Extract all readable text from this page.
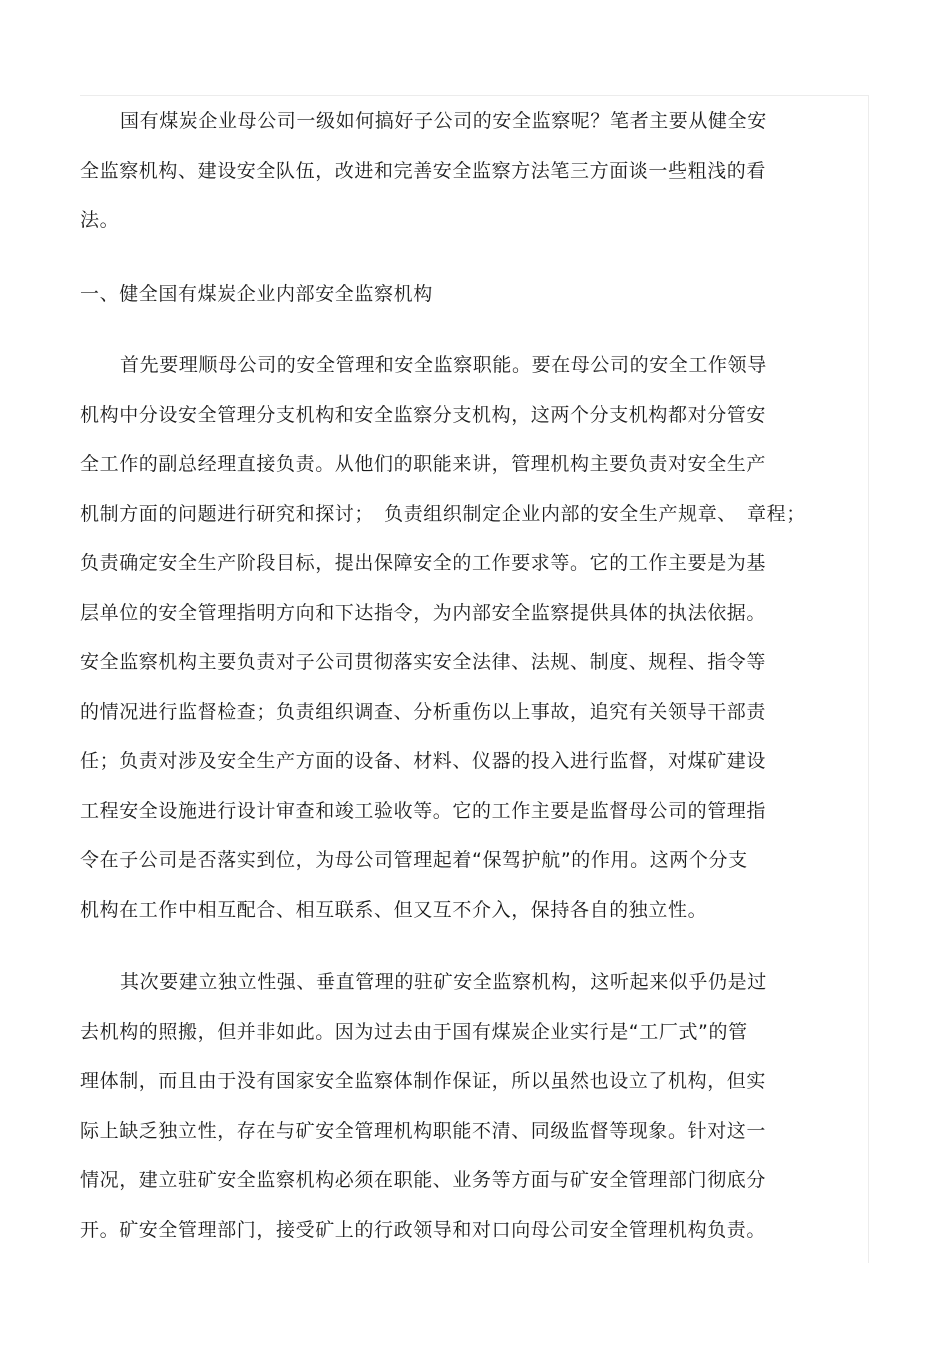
国有煤炭企业母公司一级如何搞好子公司的安全监察呢？笔者主要从健全安
全监察机构、建设安全队伍，改进和完善安全监察方法笔三方面谈一些粗浅的看
法。
一、健全国有煤炭企业内部安全监察机构
首先要理顺母公司的安全管理和安全监察职能。要在母公司的安全工作领导
机构中分设安全管理分支机构和安全监察分支机构，这两个分支机构都对分管安
全工作的副总经理直接负责。从他们的职能来讲，管理机构主要负责对安全生产
机制方面的问题进行研究和探讨；　负责组织制定企业内部的安全生产规章、　章程；
负责确定安全生产阶段目标，提出保障安全的工作要求等。它的工作主要是为基
层单位的安全管理指明方向和下达指令，为内部安全监察提供具体的执法依据。
安全监察机构主要负责对子公司贯彻落实安全法律、法规、制度、规程、指令等
的情况进行监督检查；负责组织调查、分析重伤以上事故，追究有关领导干部责
任；负责对涉及安全生产方面的设备、材料、仪器的投入进行监督，对煤矿建设
工程安全设施进行设计审查和竣工验收等。它的工作主要是监督母公司的管理指
令在子公司是否落实到位，为母公司管理起着“保驾护航”的作用。这两个分支
机构在工作中相互配合、相互联系、但又互不介入，保持各自的独立性。
其次要建立独立性强、垂直管理的驻矿安全监察机构，这听起来似乎仍是过
去机构的照搬，但并非如此。因为过去由于国有煤炭企业实行是“工厂式”的管
理体制，而且由于没有国家安全监察体制作保证，所以虽然也设立了机构，但实
际上缺乏独立性，存在与矿安全管理机构职能不清、同级监督等现象。针对这一
情况，建立驻矿安全监察机构必须在职能、业务等方面与矿安全管理部门彻底分
开。矿安全管理部门，接受矿上的行政领导和对口向母公司安全管理机构负责。
